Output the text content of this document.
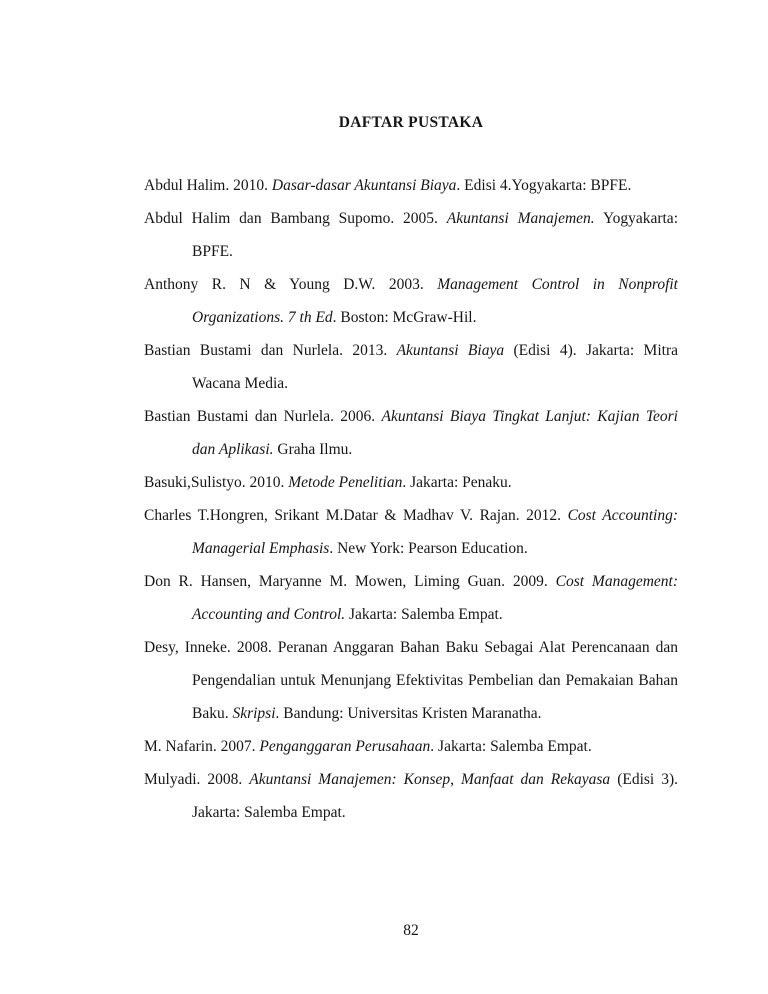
DAFTAR PUSTAKA
Abdul Halim. 2010. Dasar-dasar Akuntansi Biaya. Edisi 4.Yogyakarta: BPFE.
Abdul Halim dan Bambang Supomo. 2005. Akuntansi Manajemen. Yogyakarta:
BPFE.
Anthony R. N & Young D.W. 2003. Management Control in Nonprofit
Organizations. 7 th Ed. Boston: McGraw-Hil.
Bastian Bustami dan Nurlela. 2013. Akuntansi Biaya (Edisi 4). Jakarta: Mitra
Wacana Media.
Bastian Bustami dan Nurlela. 2006. Akuntansi Biaya Tingkat Lanjut: Kajian Teori
dan Aplikasi. Graha Ilmu.
Basuki,Sulistyo. 2010. Metode Penelitian. Jakarta: Penaku.
Charles T.Hongren, Srikant M.Datar & Madhav V. Rajan. 2012. Cost Accounting:
Managerial Emphasis. New York: Pearson Education.
Don R. Hansen, Maryanne M. Mowen, Liming Guan. 2009. Cost Management:
Accounting and Control. Jakarta: Salemba Empat.
Desy, Inneke. 2008. Peranan Anggaran Bahan Baku Sebagai Alat Perencanaan dan
Pengendalian untuk Menunjang Efektivitas Pembelian dan Pemakaian Bahan
Baku. Skripsi. Bandung: Universitas Kristen Maranatha.
M. Nafarin. 2007. Penganggaran Perusahaan. Jakarta: Salemba Empat.
Mulyadi. 2008. Akuntansi Manajemen: Konsep, Manfaat dan Rekayasa (Edisi 3).
Jakarta: Salemba Empat.
82
